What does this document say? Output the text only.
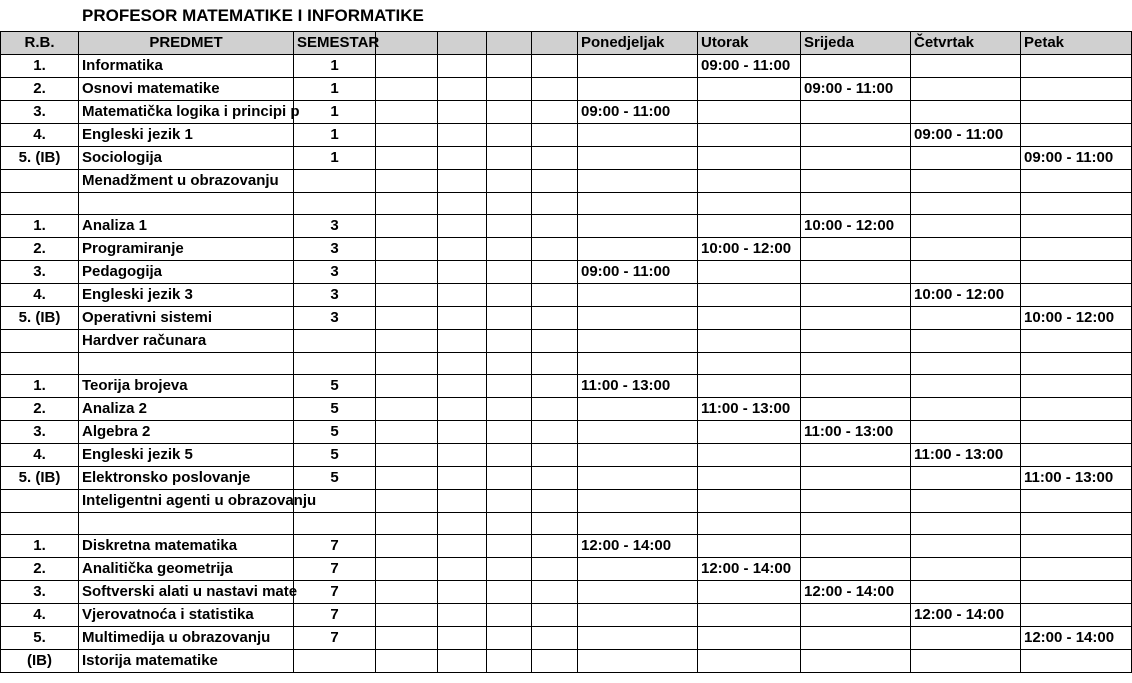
	PROFESOR MATEMATIKE I INFORMATIKE										
R.B.	PREDMET	SEMESTAR					Ponedjeljak	Utorak	Srijeda	Četvrtak	Petak
1.	Informatika	1						09:00 - 11:00			
2.	Osnovi matematike	1							09:00 - 11:00		
3.	Matematička logika i principi p	1					09:00 - 11:00				
4.	Engleski jezik 1	1								09:00 - 11:00	
5. (IB)	Sociologija	1									09:00 - 11:00
	Menadžment u obrazovanju										

1.	Analiza 1	3							10:00 - 12:00		
2.	Programiranje	3						10:00 - 12:00			
3.	Pedagogija	3					09:00 - 11:00				
4.	Engleski jezik 3	3								10:00 - 12:00	
5. (IB)	Operativni sistemi	3									10:00 - 12:00
	Hardver računara										

1.	Teorija brojeva	5					11:00 - 13:00				
2.	Analiza 2	5						11:00 - 13:00			
3.	Algebra 2	5							11:00 - 13:00		
4.	Engleski jezik 5	5								11:00 - 13:00	
5. (IB)	Elektronsko poslovanje	5									11:00 - 13:00
	Inteligentni agenti u obrazovanju										

1.	Diskretna matematika	7					12:00 - 14:00				
2.	Analitička geometrija	7						12:00 - 14:00			
3.	Softverski alati u nastavi mate	7							12:00 - 14:00		
4.	Vjerovatnoća i statistika	7								12:00 - 14:00	
5.	Multimedija u obrazovanju	7									12:00 - 14:00
(IB)	Istorija matematike										
